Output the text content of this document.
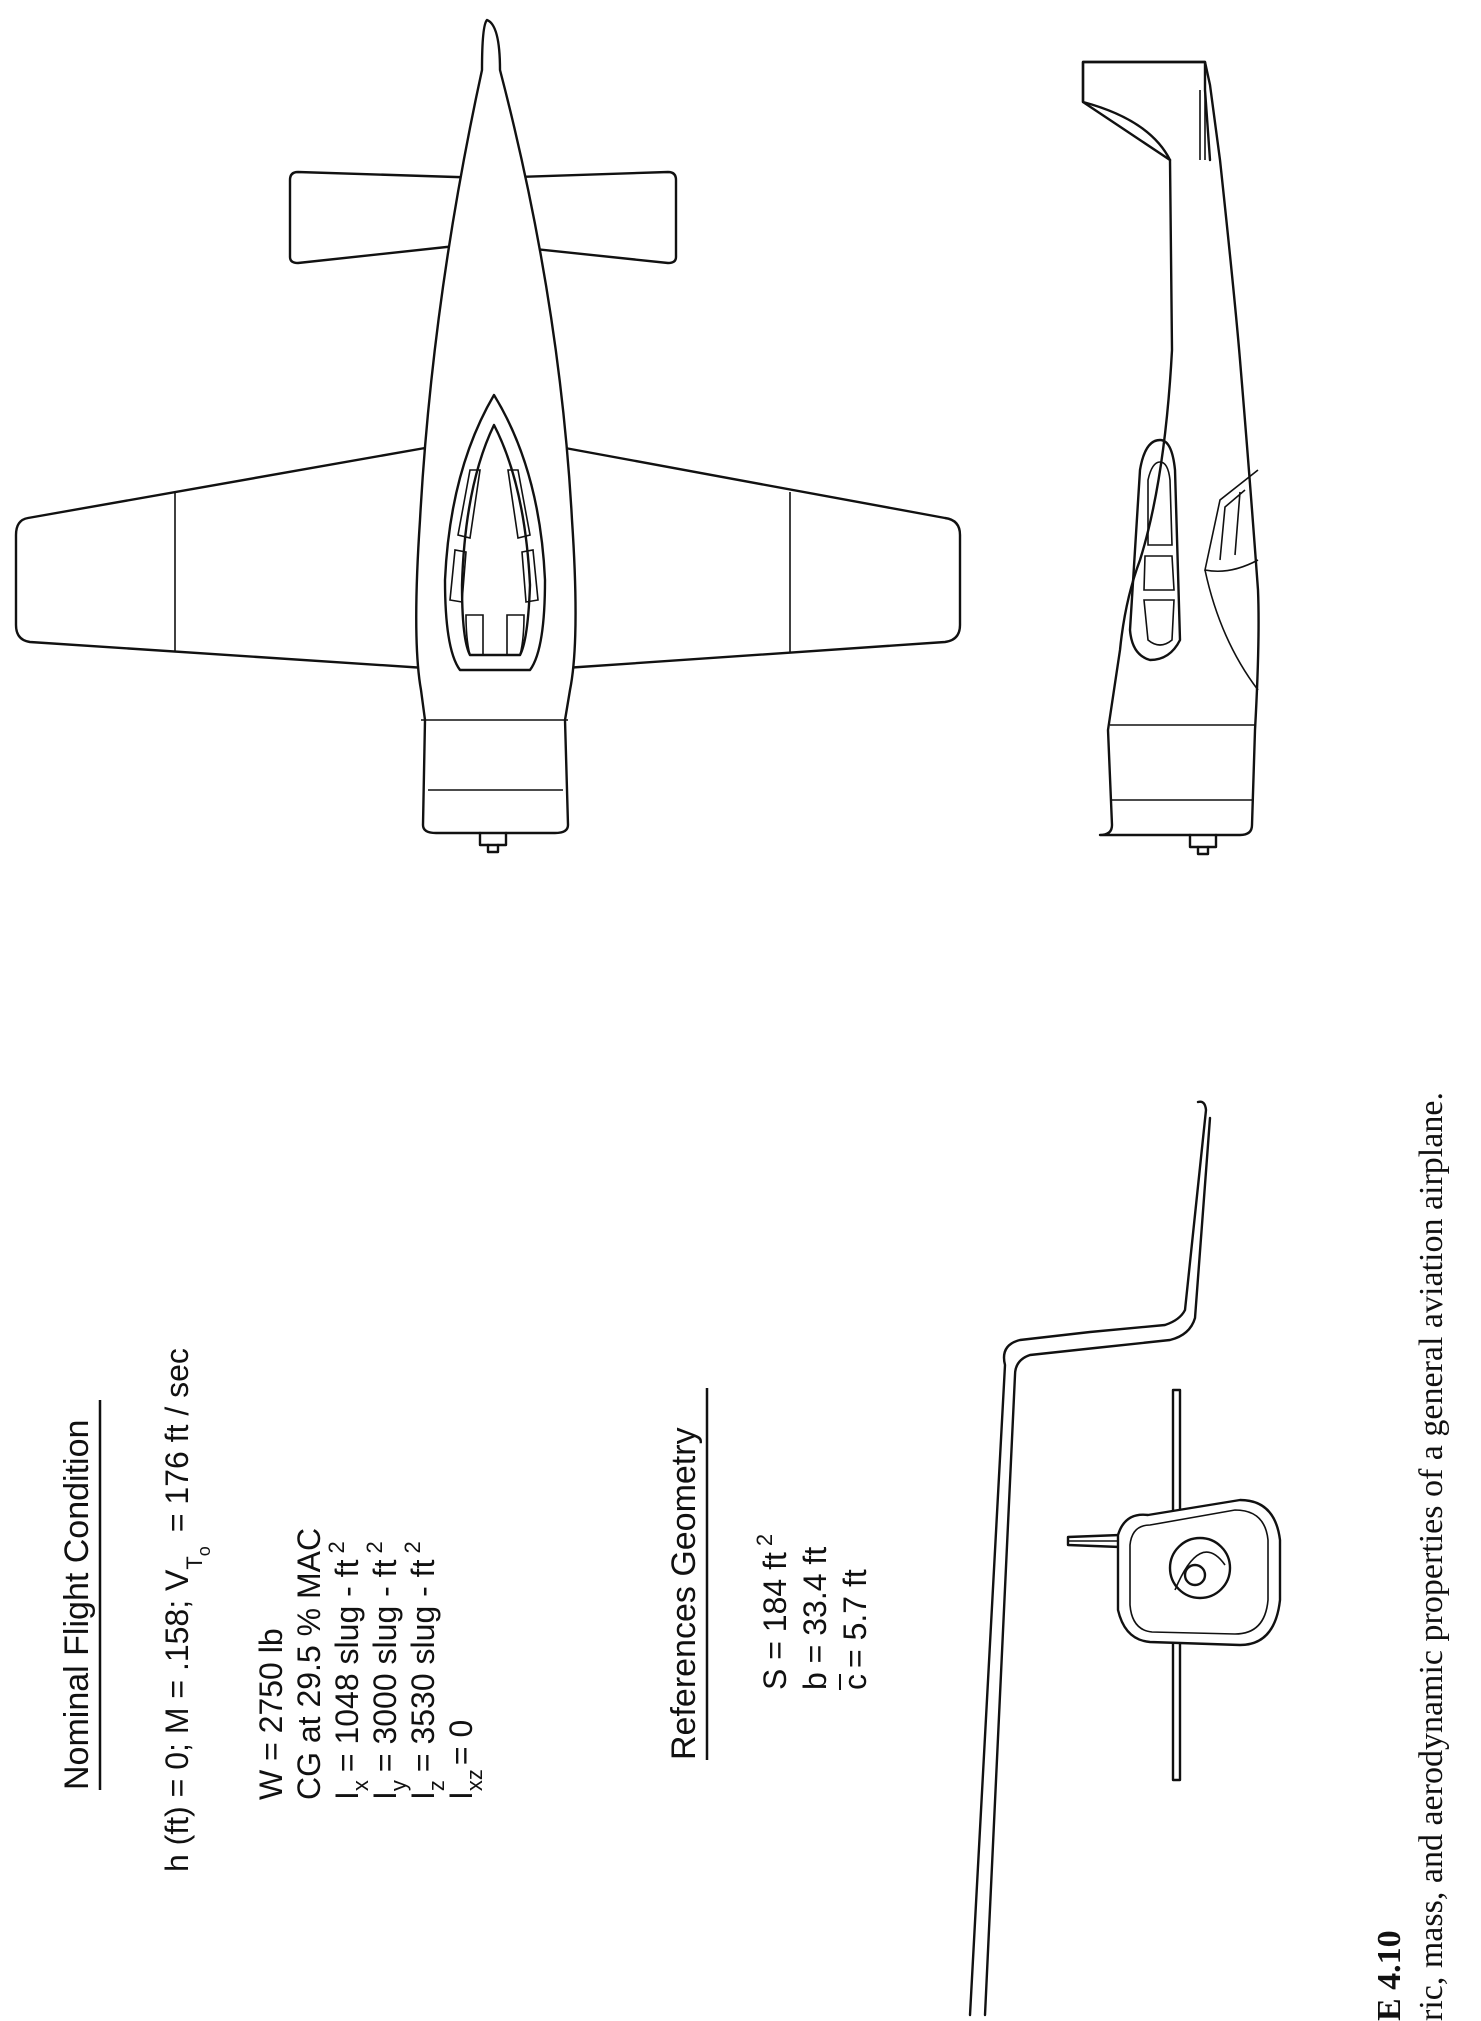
Nominal Flight Condition h (ft) = 0; M = .158; $V_{To}= 176$ ft / sec
W = 2750 lb CG at 29.5 % MAC $I_x= 1048$ slug - $ft^2$
$I_y= 3000$ slug - $ft^2$
$I_z= 3530$ slug - $ft^2$
$I_{xz}= 0$	References Geometry S = 184 $ft^2$
b = 33.4 ft c= 5.7 ft
E 4.10 ric, mass, and aerodynamic properties of a general aviation airplane.
